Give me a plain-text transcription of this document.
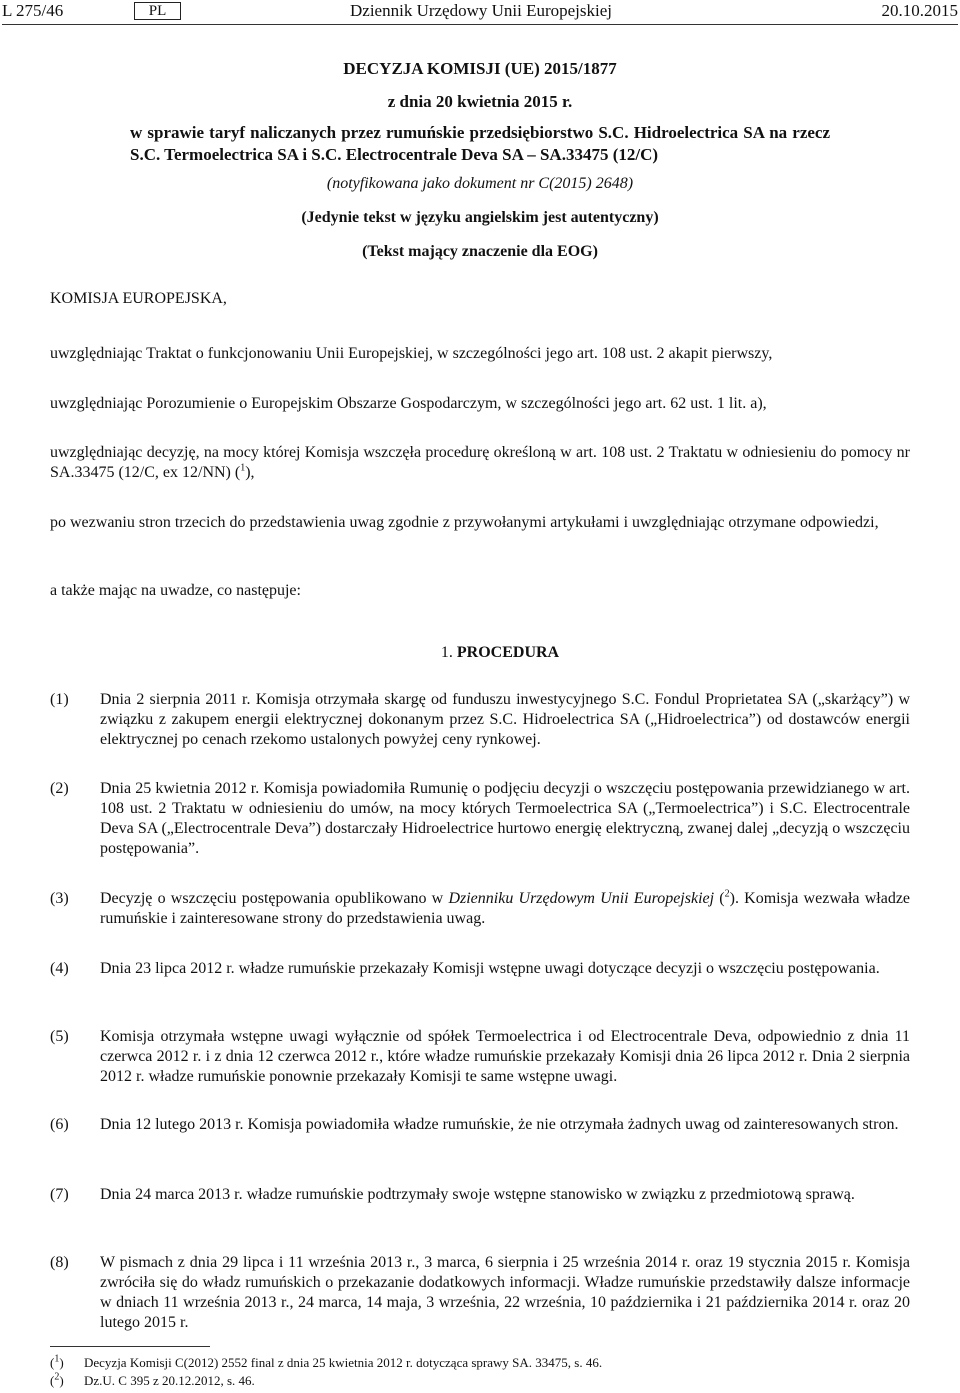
L 275/46	PL	Dziennik Urzędowy Unii Europejskiej	20.10.2015
DECYZJA KOMISJI (UE) 2015/1877
z dnia 20 kwietnia 2015 r.
w sprawie taryf naliczanych przez rumuńskie przedsiębiorstwo S.C. Hidroelectrica SA na rzecz
S.C. Termoelectrica SA i S.C. Electrocentrale Deva SA – SA.33475 (12/C)
(notyfikowana jako dokument nr C(2015) 2648)
(Jedynie tekst w języku angielskim jest autentyczny)
(Tekst mający znaczenie dla EOG)
KOMISJA EUROPEJSKA,
uwzględniając Traktat o funkcjonowaniu Unii Europejskiej, w szczególności jego art. 108 ust. 2 akapit pierwszy,
uwzględniając Porozumienie o Europejskim Obszarze Gospodarczym, w szczególności jego art. 62 ust. 1 lit. a),
uwzględniając decyzję, na mocy której Komisja wszczęła procedurę określoną w art. 108 ust. 2 Traktatu w odniesieniu do pomocy nr SA.33475 (12/C, ex 12/NN) ($^1$),
po wezwaniu stron trzecich do przedstawienia uwag zgodnie z przywołanymi artykułami i uwzględniając otrzymane odpowiedzi,
a także mając na uwadze, co następuje:
1. PROCEDURA
(1) Dnia 2 sierpnia 2011 r. Komisja otrzymała skargę od funduszu inwestycyjnego S.C. Fondul Proprietatea SA („skarżący”) w związku z zakupem energii elektrycznej dokonanym przez S.C. Hidroelectrica SA („Hidroelectrica”) od dostawców energii elektrycznej po cenach rzekomo ustalonych powyżej ceny rynkowej.
(2) Dnia 25 kwietnia 2012 r. Komisja powiadomiła Rumunię o podjęciu decyzji o wszczęciu postępowania przewidzianego w art. 108 ust. 2 Traktatu w odniesieniu do umów, na mocy których Termoelectrica SA („Termoelectrica”) i S.C. Electrocentrale Deva SA („Electrocentrale Deva”) dostarczały Hidroelectrice hurtowo energię elektryczną, zwanej dalej „decyzją o wszczęciu postępowania”.
(3) Decyzję o wszczęciu postępowania opublikowano w Dzienniku Urzędowym Unii Europejskiej ($^2$). Komisja wezwała władze rumuńskie i zainteresowane strony do przedstawienia uwag.
(4) Dnia 23 lipca 2012 r. władze rumuńskie przekazały Komisji wstępne uwagi dotyczące decyzji o wszczęciu postępowania.
(5) Komisja otrzymała wstępne uwagi wyłącznie od spółek Termoelectrica i od Electrocentrale Deva, odpowiednio z dnia 11 czerwca 2012 r. i z dnia 12 czerwca 2012 r., które władze rumuńskie przekazały Komisji dnia 26 lipca 2012 r. Dnia 2 sierpnia 2012 r. władze rumuńskie ponownie przekazały Komisji te same wstępne uwagi.
(6) Dnia 12 lutego 2013 r. Komisja powiadomiła władze rumuńskie, że nie otrzymała żadnych uwag od zainteresowanych stron.
(7) Dnia 24 marca 2013 r. władze rumuńskie podtrzymały swoje wstępne stanowisko w związku z przedmiotową sprawą.
(8) W pismach z dnia 29 lipca i 11 września 2013 r., 3 marca, 6 sierpnia i 25 września 2014 r. oraz 19 stycznia 2015 r. Komisja zwróciła się do władz rumuńskich o przekazanie dodatkowych informacji. Władze rumuńskie przedstawiły dalsze informacje w dniach 11 września 2013 r., 24 marca, 14 maja, 3 września, 22 września, 10 października i 21 października 2014 r. oraz 20 lutego 2015 r.
($^1$) Decyzja Komisji C(2012) 2552 final z dnia 25 kwietnia 2012 r. dotycząca sprawy SA. 33475, s. 46.
($^2$) Dz.U. C 395 z 20.12.2012, s. 46.
